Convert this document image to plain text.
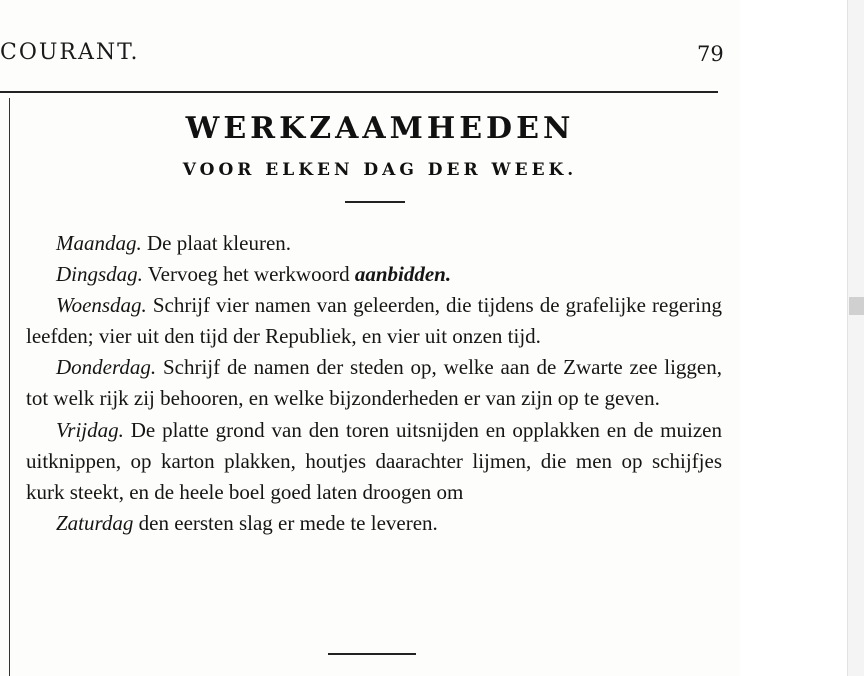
COURANT.	79
WERKZAAMHEDEN
VOOR ELKEN DAG DER WEEK.

Maandag. De plaat kleuren.

Dingsdag. Vervoeg het werkwoord aanbidden.

Woensdag. Schrijf vier namen van geleerden, die tijdens de grafelijke regering leefden; vier uit den tijd der Republiek, en vier uit onzen tijd.

Donderdag. Schrijf de namen der steden op, welke aan de Zwarte zee liggen, tot welk rijk zij behooren, en welke bijzonderheden er van zijn op te geven.

Vrijdag. De platte grond van den toren uitsnijden en opplakken en de muizen uitknippen, op karton plakken, houtjes daarachter lijmen, die men op schijfjes kurk steekt, en de heele boel goed laten droogen om

Zaturdag den eersten slag er mede te leveren.
